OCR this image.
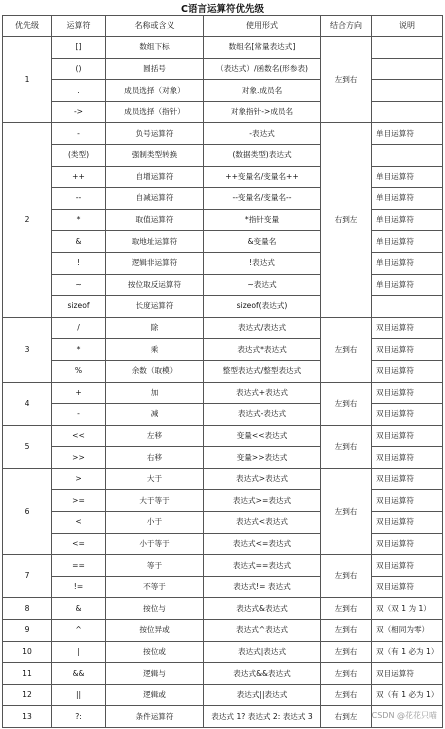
C语言运算符优先级
优先级	运算符	名称或含义	使用形式	结合方向	说明
1	[]	数组下标	数组名[常量表达式]	左到右	
	()	圆括号	（表达式）/函数名(形参表)		
	.	成员选择（对象）	对象.成员名		
	->	成员选择（指针）	对象指针->成员名		
2	-	负号运算符	-表达式	右到左	单目运算符
	(类型)	强制类型转换	(数据类型)表达式		
	++	自增运算符	++变量名/变量名++		单目运算符
	--	自减运算符	--变量名/变量名--		单目运算符
	*	取值运算符	*指针变量		单目运算符
	&	取地址运算符	&变量名		单目运算符
	!	逻辑非运算符	!表达式		单目运算符
	~	按位取反运算符	~表达式		单目运算符
	sizeof	长度运算符	sizeof(表达式)		
3	/	除	表达式/表达式	左到右	双目运算符
	*	乘	表达式*表达式		双目运算符
	%	余数（取模）	整型表达式/整型表达式		双目运算符
4	+	加	表达式+表达式	左到右	双目运算符
	-	减	表达式-表达式		双目运算符
5	<<	左移	变量<<表达式	左到右	双目运算符
	>>	右移	变量>>表达式		双目运算符
6	>	大于	表达式>表达式	左到右	双目运算符
	>=	大于等于	表达式>=表达式		双目运算符
	<	小于	表达式<表达式		双目运算符
	<=	小于等于	表达式<=表达式		双目运算符
7	==	等于	表达式==表达式	左到右	双目运算符
	!=	不等于	表达式!= 表达式		双目运算符
8	&	按位与	表达式&表达式	左到右	双（双 1 为 1）
9	^	按位异或	表达式^表达式	左到右	双（相同为零）
10	|	按位或	表达式|表达式	左到右	双（有 1 必为 1）
11	&&	逻辑与	表达式&&表达式	左到右	双目运算符
12	||	逻辑或	表达式||表达式	左到右	双（有 1 必为 1）
13	?:	条件运算符	表达式 1? 表达式 2: 表达式 3	右到左	CSDN @花花只喵
